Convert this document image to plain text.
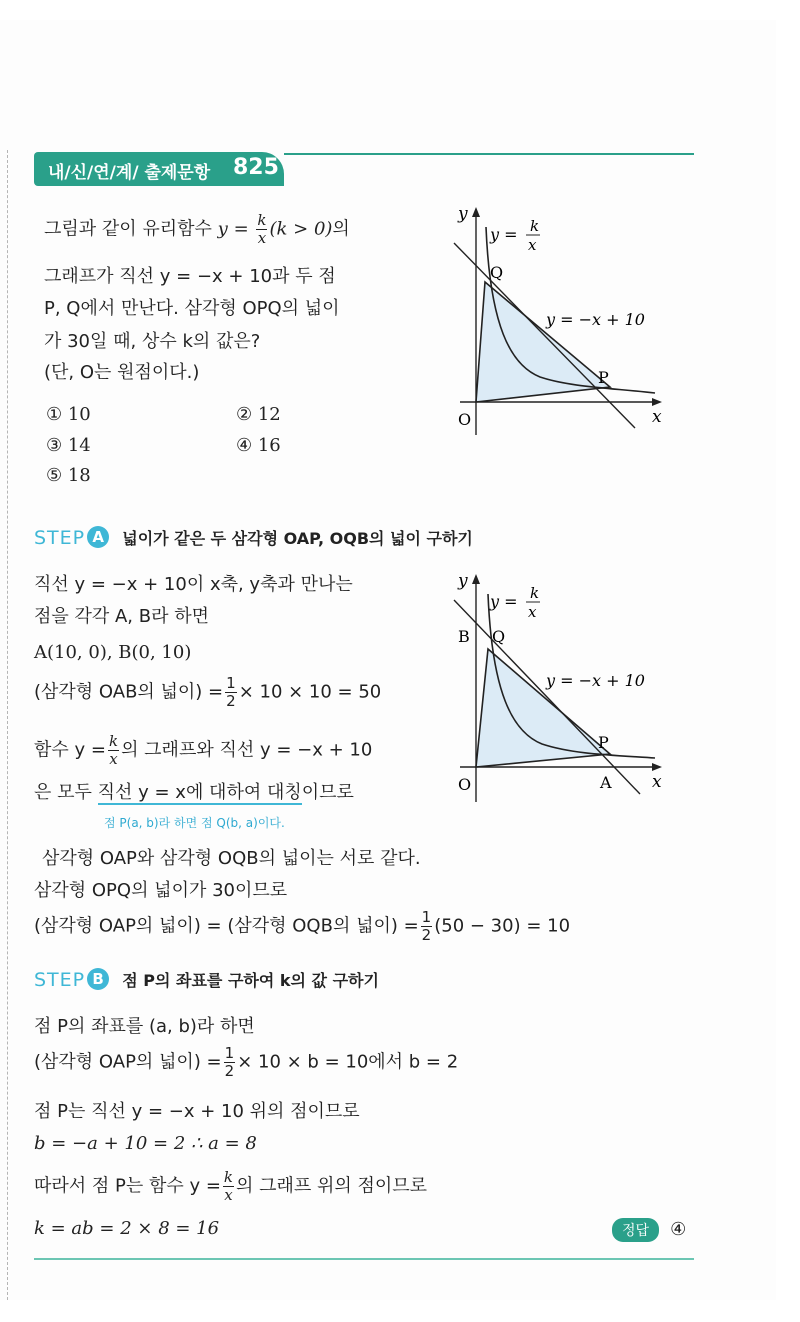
내/신/연/계/ 출제문항 825
그림과 같이 유리함수 $y = \frac{k}{x} (k > 0)$의
그래프가 직선 y = −x + 10과 두 점
P, Q에서 만난다. 삼각형 OPQ의 넓이
가 30일 때, 상수 k의 값은?
(단, O는 원점이다.)
① 10	② 12
③ 14	④ 16
⑤ 18
y
x
O
y = k
x
Q
y = −x + 10
P
STEP A 넓이가 같은 두 삼각형 OAP, OQB의 넓이 구하기
직선 y = −x + 10이 x축, y축과 만나는
점을 각각 A, B라 하면
A(10, 0), B(0, 10)
(삼각형 OAB의 넓이) = $\frac{1}{2} \times 10 \times 10 = 50$
함수 $y = \frac{k}{x}$ 의 그래프와 직선 y = −x + 10
은 모두 직선 y = x에 대하여 대칭이므로
점 P(a, b)라 하면 점 Q(b, a)이다.
삼각형 OAP와 삼각형 OQB의 넓이는 서로 같다.
삼각형 OPQ의 넓이가 30이므로
(삼각형 OAP의 넓이) = (삼각형 OQB의 넓이) = $\frac{1}{2} (50 - 30) = 10$
y
x
O
y = k
x
B Q
y = −x + 10
P
A
STEP B 점 P의 좌표를 구하여 k의 값 구하기
점 P의 좌표를 (a, b)라 하면
(삼각형 OAP의 넓이) = $\frac{1}{2} \times 10 \times b = 10$에서 b = 2
점 P는 직선 y = −x + 10 위의 점이므로
b = −a + 10 = 2 ∴ a = 8
따라서 점 P는 함수 $y = \frac{k}{x}$ 의 그래프 위의 점이므로
k = ab = 2 × 8 = 16	정답 ④
